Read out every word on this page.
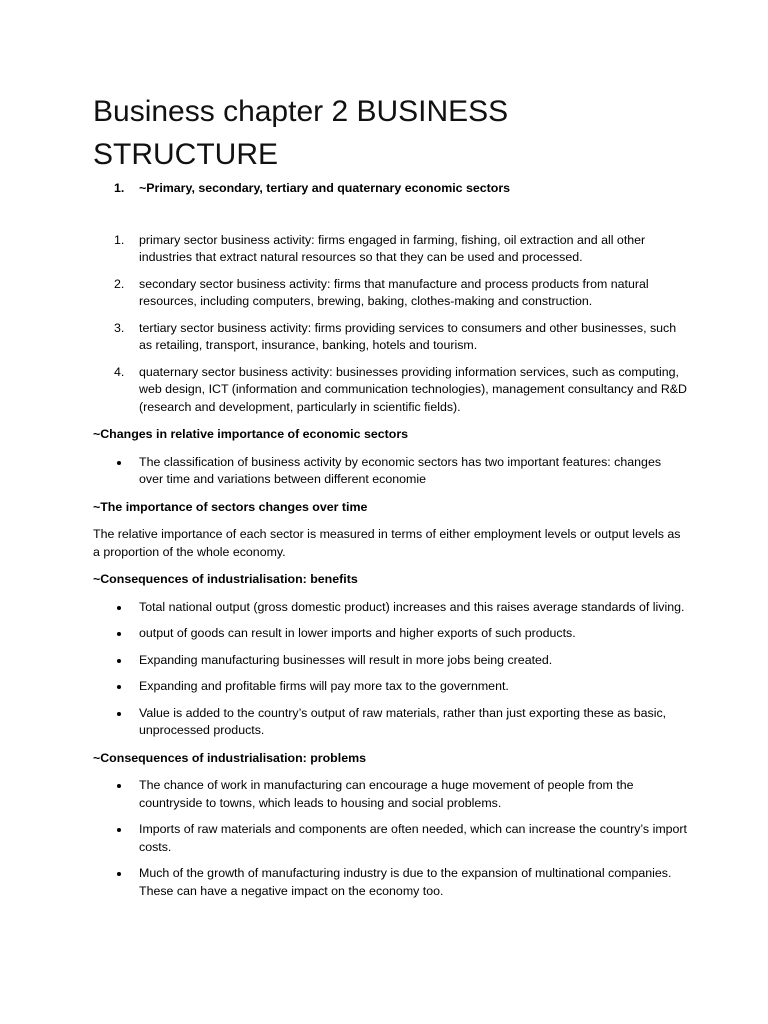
Business chapter 2 BUSINESS STRUCTURE
1. ~Primary, secondary, tertiary and quaternary economic sectors
1. primary sector business activity: firms engaged in farming, fishing, oil extraction and all other industries that extract natural resources so that they can be used and processed.
2. secondary sector business activity: firms that manufacture and process products from natural resources, including computers, brewing, baking, clothes-making and construction.
3. tertiary sector business activity: firms providing services to consumers and other businesses, such as retailing, transport, insurance, banking, hotels and tourism.
4. quaternary sector business activity: businesses providing information services, such as computing, web design, ICT (information and communication technologies), management consultancy and R&D (research and development, particularly in scientific fields).

~Changes in relative importance of economic sectors

The classification of business activity by economic sectors has two important features: changes over time and variations between different economie

~The importance of sectors changes over time

The relative importance of each sector is measured in terms of either employment levels or output levels as a proportion of the whole economy.

~Consequences of industrialisation: benefits

Total national output (gross domestic product) increases and this raises average standards of living.
output of goods can result in lower imports and higher exports of such products.
Expanding manufacturing businesses will result in more jobs being created.
Expanding and profitable firms will pay more tax to the government.
Value is added to the country’s output of raw materials, rather than just exporting these as basic, unprocessed products.

~Consequences of industrialisation: problems

The chance of work in manufacturing can encourage a huge movement of people from the countryside to towns, which leads to housing and social problems.
Imports of raw materials and components are often needed, which can increase the country’s import costs.
Much of the growth of manufacturing industry is due to the expansion of multinational companies. These can have a negative impact on the economy too.
